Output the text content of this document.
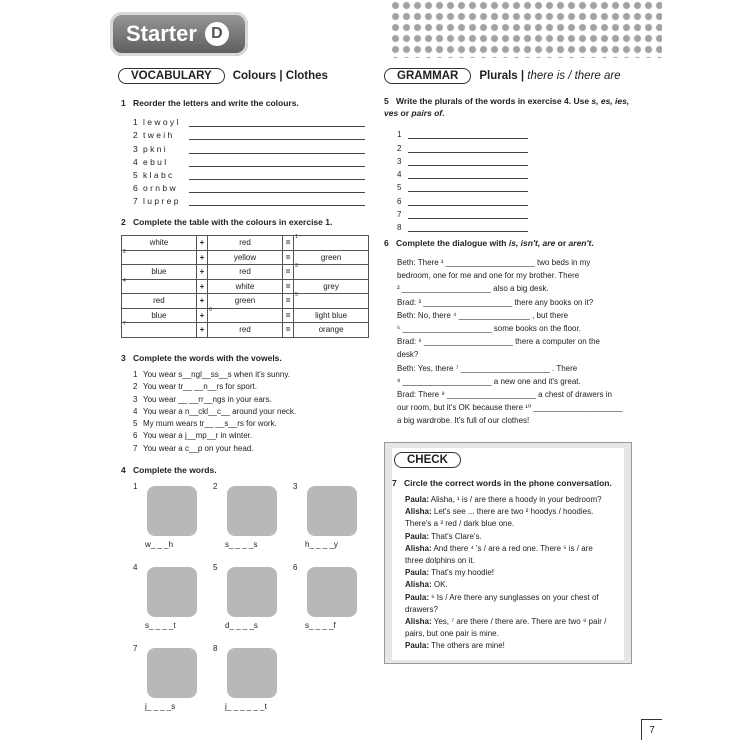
Starter D
VOCABULARY	Colours | Clothes
1 Reorder the letters and write the colours.
1 l e w o y l
2 t w e i h
3 p k n i
4 e b u l
5 k l a b c
6 o r n b w
7 l u p r e p
2 Complete the table with the colours in exercise 1.
white	+	red	=	1

2	+	yellow	=	green
blue	+	red	=	3

4	+	white	=	grey
red	+	green	=	5

blue	+	6	=	light blue

7	+	red	=	orange
3 Complete the words with the vowels.
1 You wear s__ngl__ss__s when it's sunny.
2 You wear tr__ __n__rs for sport.
3 You wear __ __rr__ngs in your ears.
4 You wear a n__ckl__c__ around your neck.
5 My mum wears tr__ __s__rs for work.
6 You wear a j__mp__r in winter.
7 You wear a c__p on your head.
4 Complete the words.
1
w_ _ _h
2
s_ _ _ _s
3
h_ _ _ _y
4
s_ _ _ _t
5
d_ _ _ _s
6
s_ _ _ _f
7
j_ _ _ _s
8
j_ _ _ _ _ _t
GRAMMAR	Plurals | there is / there are
5 Write the plurals of the words in exercise 4. Use s, es, ies, ves or pairs of.
1
2
3
4
5
6
7
8
6 Complete the dialogue with is, isn't, are or aren't.
Beth: There ¹ ____________________ two beds in my
bedroom, one for me and one for my brother. There
² ____________________ also a big desk.
Brad: ³ ____________________ there any books on it?
Beth: No, there ⁴ ________________ , but there
⁵ ____________________ some books on the floor.
Brad: ⁶ ____________________ there a computer on the
desk?
Beth: Yes, there ⁷ ____________________ . There
⁸ ____________________ a new one and it's great.
Brad: There ⁹ ____________________ a chest of drawers in
our room, but it's OK because there ¹⁰ ____________________
a big wardrobe. It's full of our clothes!
CHECK
7 Circle the correct words in the phone conversation.
Paula: Alisha, ¹ is / are there a hoody in your bedroom?
Alisha: Let's see ... there are two ² hoodys / hoodies.
There's a ³ red / dark blue one.
Paula: That's Clare's.
Alisha: And there ⁴ 's / are a red one. There ⁵ is / are
three dolphins on it.
Paula: That's my hoodie!
Alisha: OK.
Paula: ⁶ Is / Are there any sunglasses on your chest of
drawers?
Alisha: Yes, ⁷ are there / there are. There are two ⁸ pair /
pairs, but one pair is mine.
Paula: The others are mine!
7
